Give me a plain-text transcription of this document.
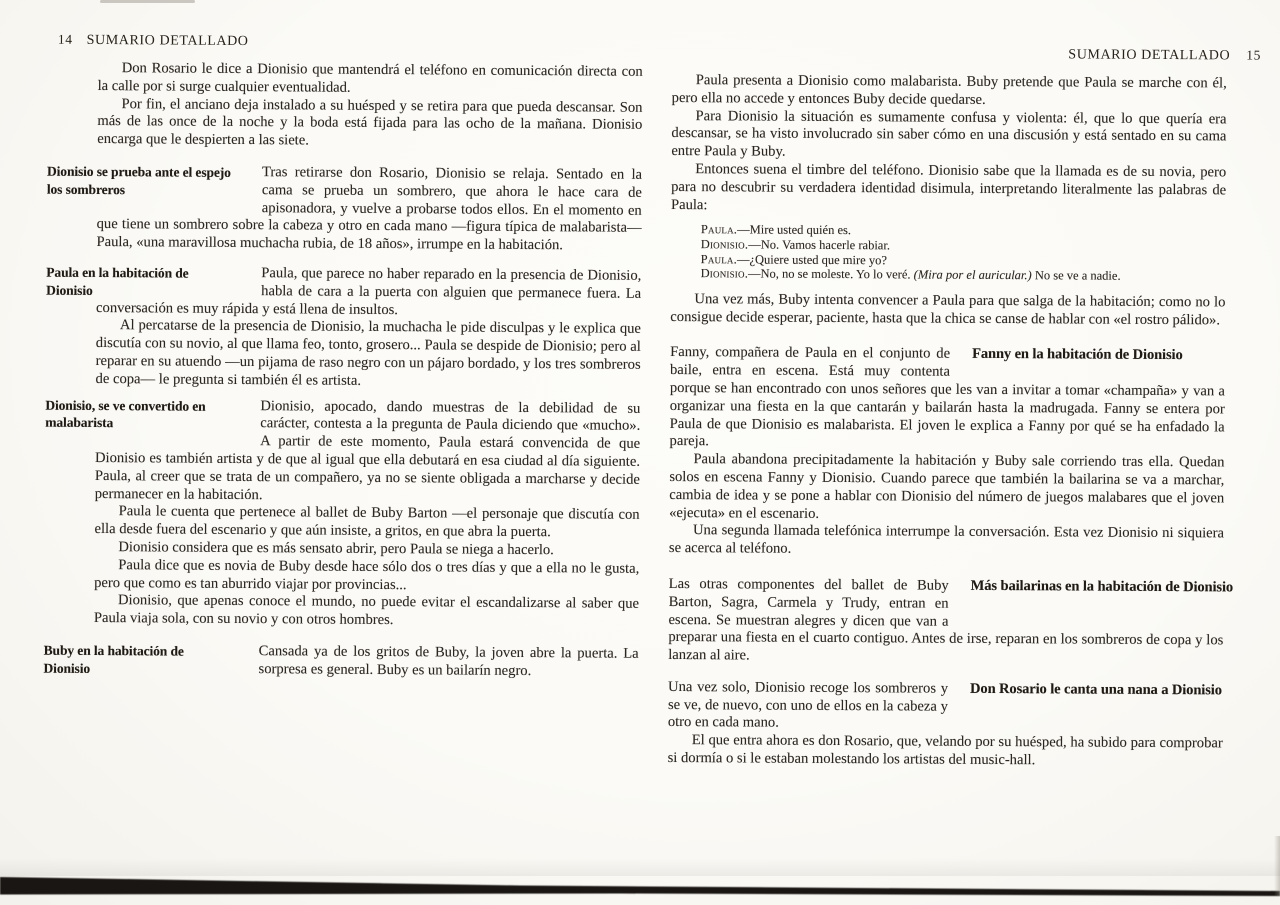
14 SUMARIO DETALLADO

Don Rosario le dice a Dionisio que mantendrá el teléfono en comunicación directa con la calle por si surge cualquier eventualidad.

Por fin, el anciano deja instalado a su huésped y se retira para que pueda descansar. Son más de las once de la noche y la boda está fijada para las ocho de la mañana. Dionisio encarga que le despierten a las siete.

Dionisio se prueba ante el espejo los sombreros

Tras retirarse don Rosario, Dionisio se relaja. Sentado en la cama se prueba un sombrero, que ahora le hace cara de apisonadora, y vuelve a probarse todos ellos. En el momento en que tiene un sombrero sobre la cabeza y otro en cada mano —figura típica de malabarista— Paula, «una maravillosa muchacha rubia, de 18 años», irrumpe en la habitación.

Paula en la habitación de Dionisio

Paula, que parece no haber reparado en la presencia de Dionisio, habla de cara a la puerta con alguien que permanece fuera. La conversación es muy rápida y está llena de insultos.

Al percatarse de la presencia de Dionisio, la muchacha le pide disculpas y le explica que discutía con su novio, al que llama feo, tonto, grosero... Paula se despide de Dionisio; pero al reparar en su atuendo —un pijama de raso negro con un pájaro bordado, y los tres sombreros de copa— le pregunta si también él es artista.

Dionisio, se ve convertido en malabarista

Dionisio, apocado, dando muestras de la debilidad de su carácter, contesta a la pregunta de Paula diciendo que «mucho». A partir de este momento, Paula estará convencida de que Dionisio es también artista y de que al igual que ella debutará en esa ciudad al día siguiente. Paula, al creer que se trata de un compañero, ya no se siente obligada a marcharse y decide permanecer en la habitación.

Paula le cuenta que pertenece al ballet de Buby Barton —el personaje que discutía con ella desde fuera del escenario y que aún insiste, a gritos, en que abra la puerta.

Dionisio considera que es más sensato abrir, pero Paula se niega a hacerlo.

Paula dice que es novia de Buby desde hace sólo dos o tres días y que a ella no le gusta, pero que como es tan aburrido viajar por provincias...

Dionisio, que apenas conoce el mundo, no puede evitar el escandalizarse al saber que Paula viaja sola, con su novio y con otros hombres.

Buby en la habitación de Dionisio

Cansada ya de los gritos de Buby, la joven abre la puerta. La sorpresa es general. Buby es un bailarín negro.

SUMARIO DETALLADO 15

Paula presenta a Dionisio como malabarista. Buby pretende que Paula se marche con él, pero ella no accede y entonces Buby decide quedarse.

Para Dionisio la situación es sumamente confusa y violenta: él, que lo que quería era descansar, se ha visto involucrado sin saber cómo en una discusión y está sentado en su cama entre Paula y Buby.

Entonces suena el timbre del teléfono. Dionisio sabe que la llamada es de su novia, pero para no descubrir su verdadera identidad disimula, interpretando literalmente las palabras de Paula:

Paula.—Mire usted quién es.
Dionisio.—No. Vamos hacerle rabiar.
Paula.—¿Quiere usted que mire yo?
Dionisio.—No, no se moleste. Yo lo veré. (Mira por el auricular.) No se ve a nadie.

Una vez más, Buby intenta convencer a Paula para que salga de la habitación; como no lo consigue decide esperar, paciente, hasta que la chica se canse de hablar con «el rostro pálido».

Fanny en la habitación de Dionisio

Fanny, compañera de Paula en el conjunto de baile, entra en escena. Está muy contenta porque se han encontrado con unos señores que les van a invitar a tomar «champaña» y van a organizar una fiesta en la que cantarán y bailarán hasta la madrugada. Fanny se entera por Paula de que Dionisio es malabarista. El joven le explica a Fanny por qué se ha enfadado la pareja.

Paula abandona precipitadamente la habitación y Buby sale corriendo tras ella. Quedan solos en escena Fanny y Dionisio. Cuando parece que también la bailarina se va a marchar, cambia de idea y se pone a hablar con Dionisio del número de juegos malabares que el joven «ejecuta» en el escenario.

Una segunda llamada telefónica interrumpe la conversación. Esta vez Dionisio ni siquiera se acerca al teléfono.

Más bailarinas en la habitación de Dionisio

Las otras componentes del ballet de Buby Barton, Sagra, Carmela y Trudy, entran en escena. Se muestran alegres y dicen que van a preparar una fiesta en el cuarto contiguo. Antes de irse, reparan en los sombreros de copa y los lanzan al aire.

Don Rosario le canta una nana a Dionisio

Una vez solo, Dionisio recoge los sombreros y se ve, de nuevo, con uno de ellos en la cabeza y otro en cada mano.

El que entra ahora es don Rosario, que, velando por su huésped, ha subido para comprobar si dormía o si le estaban molestando los artistas del music-hall.
